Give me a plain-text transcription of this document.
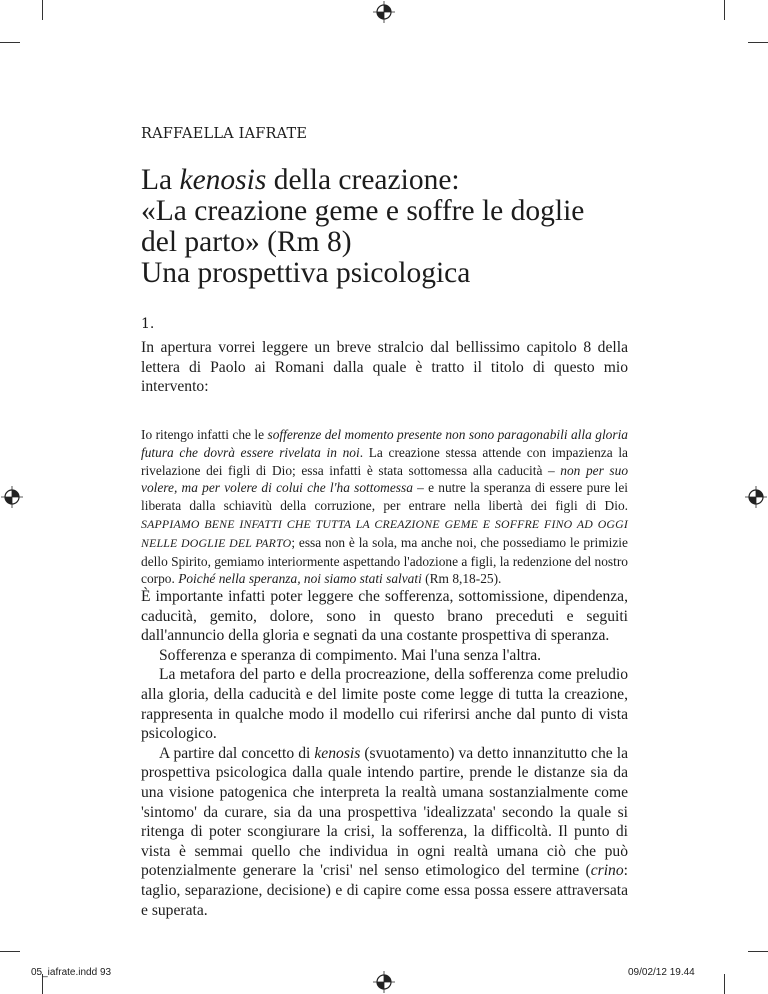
RAFFAELLA IAFRATE

La kenosis della creazione:

«La creazione geme e soffre le doglie

del parto» (Rm 8)

Una prospettiva psicologica

1.

In apertura vorrei leggere un breve stralcio dal bellissimo capitolo 8 della lettera di Paolo ai Romani dalla quale è tratto il titolo di questo mio intervento:

Io ritengo infatti che le sofferenze del momento presente non sono paragonabili alla gloria futura che dovrà essere rivelata in noi. La creazione stessa attende con impazienza la rivelazione dei figli di Dio; essa infatti è stata sottomessa alla caducità – non per suo volere, ma per volere di colui che l'ha sottomessa – e nutre la speranza di essere pure lei liberata dalla schiavitù della corruzione, per entrare nella libertà dei figli di Dio. SAPPIAMO BENE INFATTI CHE TUTTA LA CREAZIONE GEME E SOFFRE FINO AD OGGI NELLE DOGLIE DEL PARTO; essa non è la sola, ma anche noi, che possediamo le primizie dello Spirito, gemiamo interiormente aspettando l'adozione a figli, la redenzione del nostro corpo. Poiché nella speranza, noi siamo stati salvati (Rm 8,18-25).

È importante infatti poter leggere che sofferenza, sottomissione, dipendenza, caducità, gemito, dolore, sono in questo brano preceduti e seguiti dall'annuncio della gloria e segnati da una costante prospettiva di speranza.

Sofferenza e speranza di compimento. Mai l'una senza l'altra.

La metafora del parto e della procreazione, della sofferenza come preludio alla gloria, della caducità e del limite poste come legge di tutta la creazione, rappresenta in qualche modo il modello cui riferirsi anche dal punto di vista psicologico.

A partire dal concetto di kenosis (svuotamento) va detto innanzitutto che la prospettiva psicologica dalla quale intendo partire, prende le distanze sia da una visione patogenica che interpreta la realtà umana sostanzialmente come 'sintomo' da curare, sia da una prospettiva 'idealizzata' secondo la quale si ritenga di poter scongiurare la crisi, la sofferenza, la difficoltà. Il punto di vista è semmai quello che individua in ogni realtà umana ciò che può potenzialmente generare la 'crisi' nel senso etimologico del termine (crino: taglio, separazione, decisione) e di capire come essa possa essere attraversata e superata.

05_iafrate.indd 93	09/02/12 19.44
